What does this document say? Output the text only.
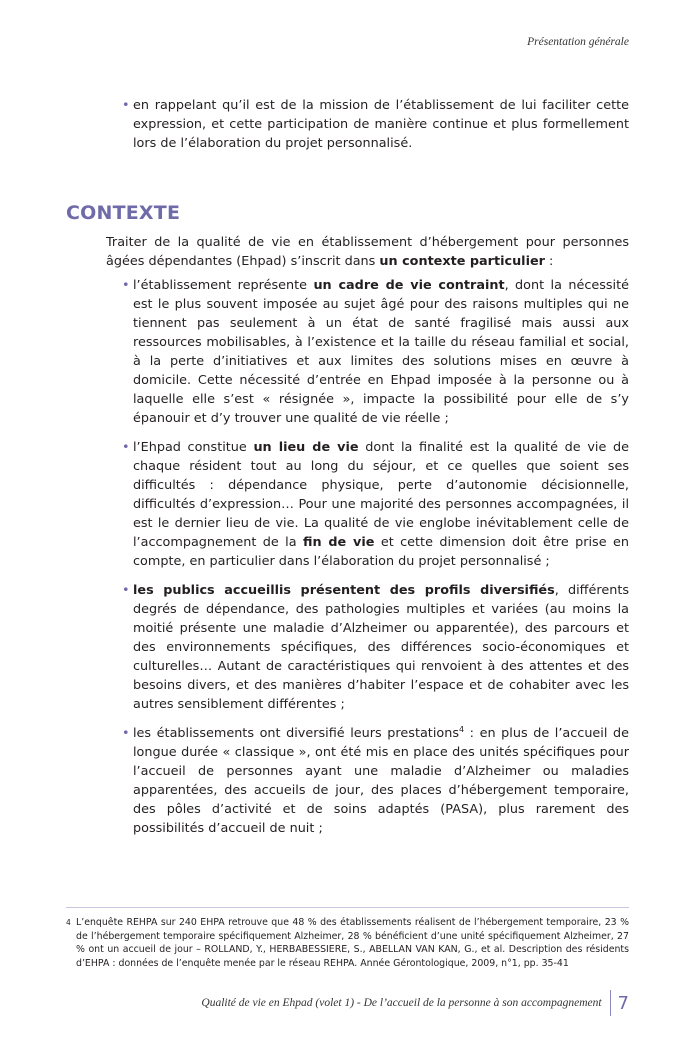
Présentation générale
• en rappelant qu’il est de la mission de l’établissement de lui faciliter cette expression, et cette participation de manière continue et plus formellement lors de l’élaboration du projet personnalisé.
CONTEXTE

Traiter de la qualité de vie en établissement d’hébergement pour personnes âgées dépendantes (Ehpad) s’inscrit dans un contexte particulier :

• l’établissement représente un cadre de vie contraint, dont la nécessité est le plus souvent imposée au sujet âgé pour des raisons multiples qui ne tiennent pas seulement à un état de santé fragilisé mais aussi aux ressources mobilisables, à l’existence et la taille du réseau familial et social, à la perte d’initiatives et aux limites des solutions mises en œuvre à domicile. Cette nécessité d’entrée en Ehpad imposée à la personne ou à laquelle elle s’est « résignée », impacte la possibilité pour elle de s’y épanouir et d’y trouver une qualité de vie réelle ;
• l’Ehpad constitue un lieu de vie dont la finalité est la qualité de vie de chaque résident tout au long du séjour, et ce quelles que soient ses difficultés : dépendance physique, perte d’autonomie décisionnelle, difficultés d’expression… Pour une majorité des personnes accompagnées, il est le dernier lieu de vie. La qualité de vie englobe inévitablement celle de l’accompagnement de la fin de vie et cette dimension doit être prise en compte, en particulier dans l’élaboration du projet personnalisé ;
• les publics accueillis présentent des profils diversifiés, différents degrés de dépendance, des pathologies multiples et variées (au moins la moitié présente une maladie d’Alzheimer ou apparentée), des parcours et des environnements spécifiques, des différences socio-économiques et culturelles… Autant de caractéristiques qui renvoient à des attentes et des besoins divers, et des manières d’habiter l’espace et de cohabiter avec les autres sensiblement différentes ;
• les établissements ont diversifié leurs prestations$^4$ : en plus de l’accueil de longue durée « classique », ont été mis en place des unités spécifiques pour l’accueil de personnes ayant une maladie d’Alzheimer ou maladies apparentées, des accueils de jour, des places d’hébergement temporaire, des pôles d’activité et de soins adaptés (PASA), plus rarement des possibilités d’accueil de nuit ;
4 L’enquête REHPA sur 240 EHPA retrouve que 48 % des établissements réalisent de l’hébergement temporaire, 23 % de l’hébergement temporaire spécifiquement Alzheimer, 28 % bénéficient d’une unité spécifiquement Alzheimer, 27 % ont un accueil de jour – ROLLAND, Y., HERBABESSIERE, S., ABELLAN VAN KAN, G., et al. Description des résidents d’EHPA : données de l’enquête menée par le réseau REHPA. Année Gérontologique, 2009, n°1, pp. 35-41
Qualité de vie en Ehpad (volet 1) - De l’accueil de la personne à son accompagnement 7
